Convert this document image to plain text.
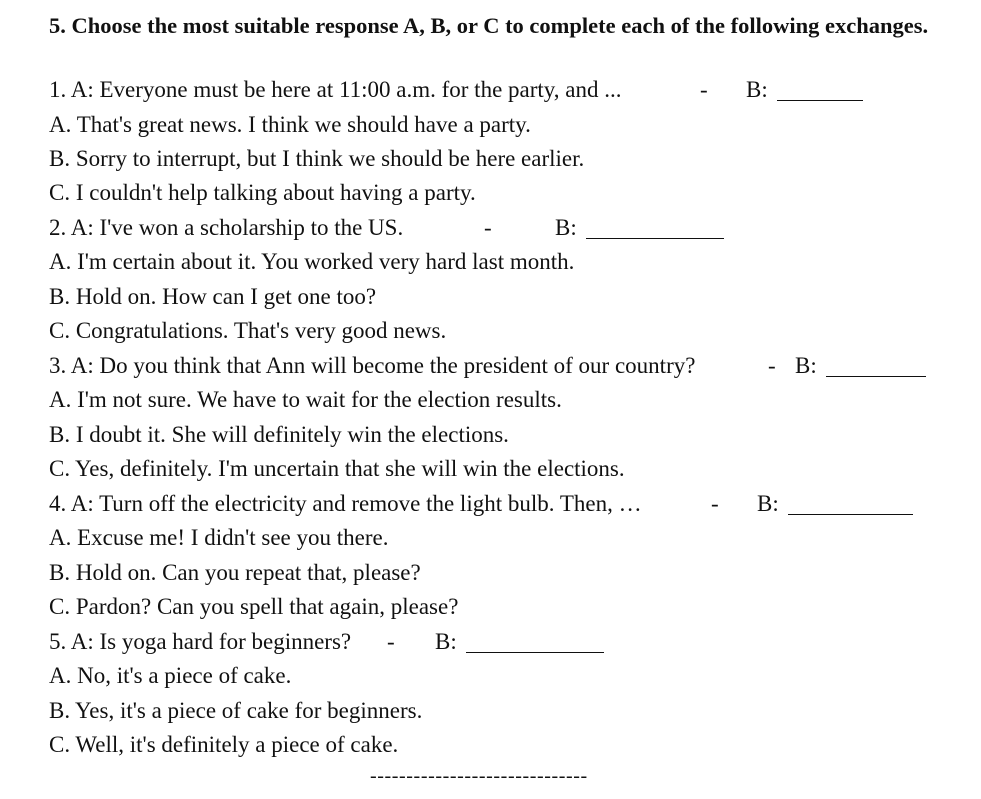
5. Choose the most suitable response A, B, or C to complete each of the following exchanges.
1. A: Everyone must be here at 11:00 a.m. for the party, and ...	- B:
A. That's great news. I think we should have a party.
B. Sorry to interrupt, but I think we should be here earlier.
C. I couldn't help talking about having a party.
2. A: I've won a scholarship to the US.	-	B:
A. I'm certain about it. You worked very hard last month.
B. Hold on. How can I get one too?
C. Congratulations. That's very good news.
3. A: Do you think that Ann will become the president of our country?	- B:
A. I'm not sure. We have to wait for the election results.
B. I doubt it. She will definitely win the elections.
C. Yes, definitely. I'm uncertain that she will win the elections.
4. A: Turn off the electricity and remove the light bulb. Then, …	- B:
A. Excuse me! I didn't see you there.
B. Hold on. Can you repeat that, please?
C. Pardon? Can you spell that again, please?
5. A: Is yoga hard for beginners? - B:
A. No, it's a piece of cake.
B. Yes, it's a piece of cake for beginners.
C. Well, it's definitely a piece of cake.
------------------------------
